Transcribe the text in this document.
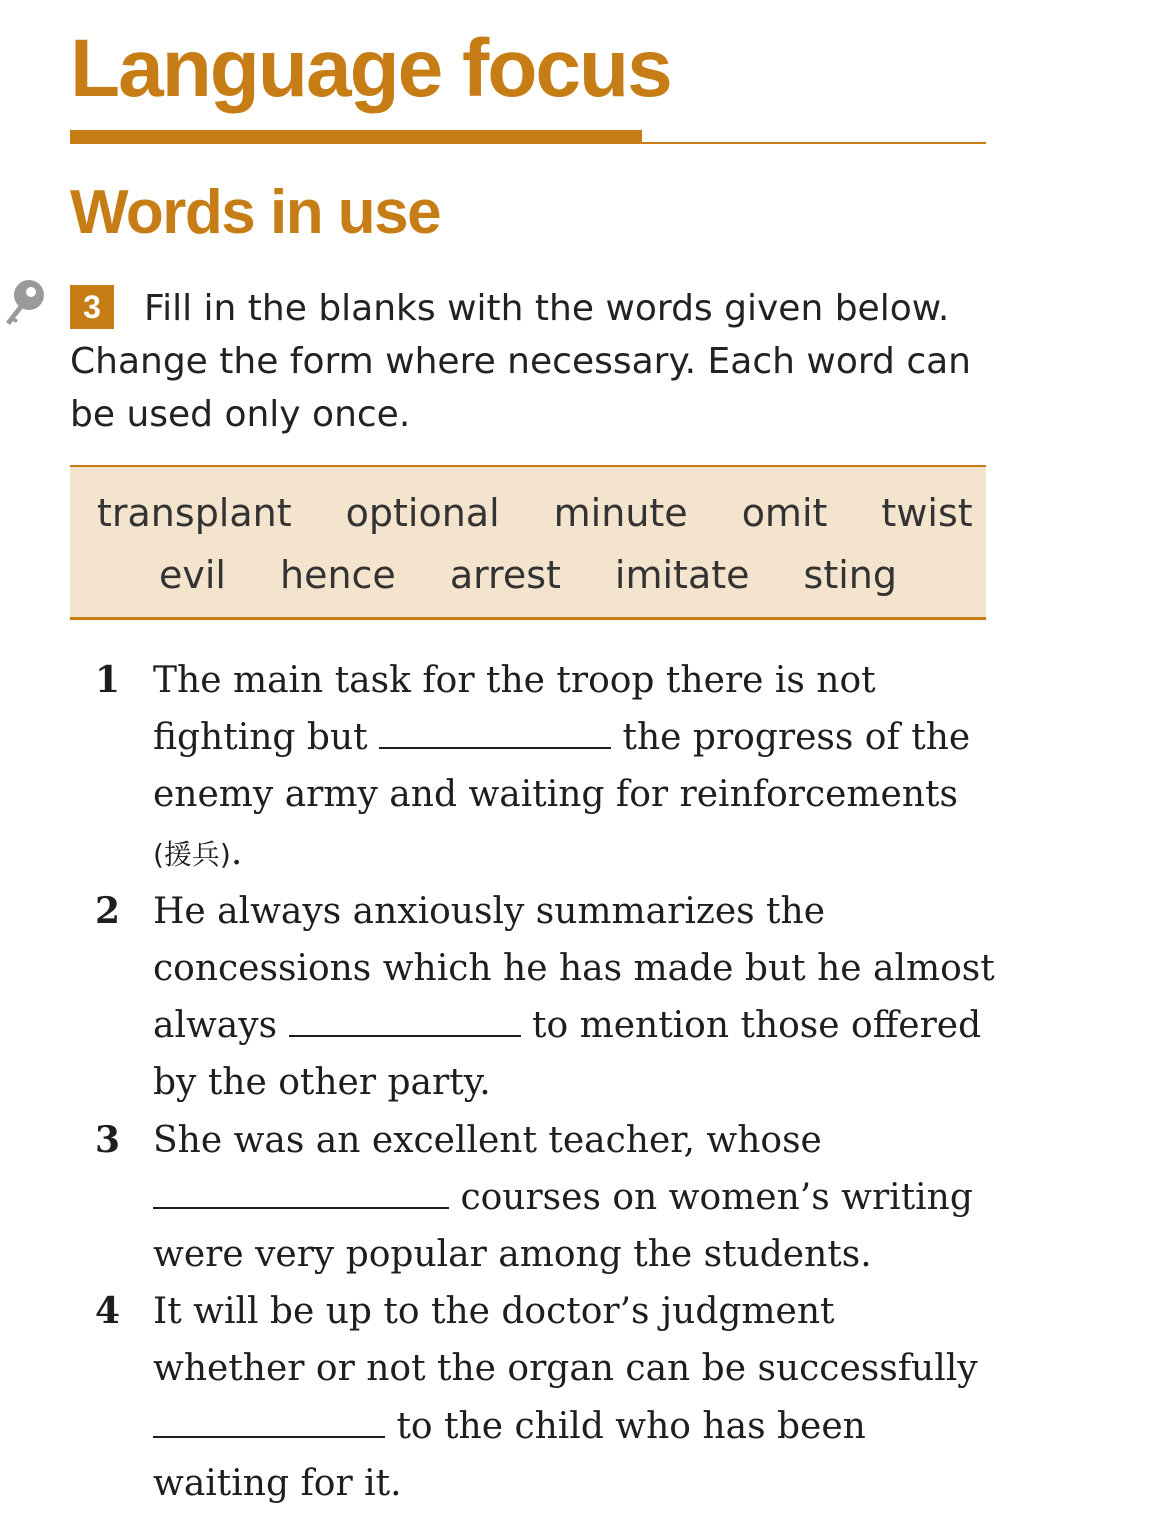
Language focus
Words in use
3 Fill in the blanks with the words given below. Change the form where necessary. Each word can be used only once.
transplant optional minute omit twist
evil hence arrest imitate sting
1 The main task for the troop there is not fighting but	the progress of the enemy army and waiting for reinforcements (援兵).
2 He always anxiously summarizes the concessions which he has made but he almost always	to mention those offered by the other party.
3 She was an excellent teacher, whose  courses on women’s writing were very popular among the students.
4 It will be up to the doctor’s judgment whether or not the organ can be successfully  to the child who has been waiting for it.
